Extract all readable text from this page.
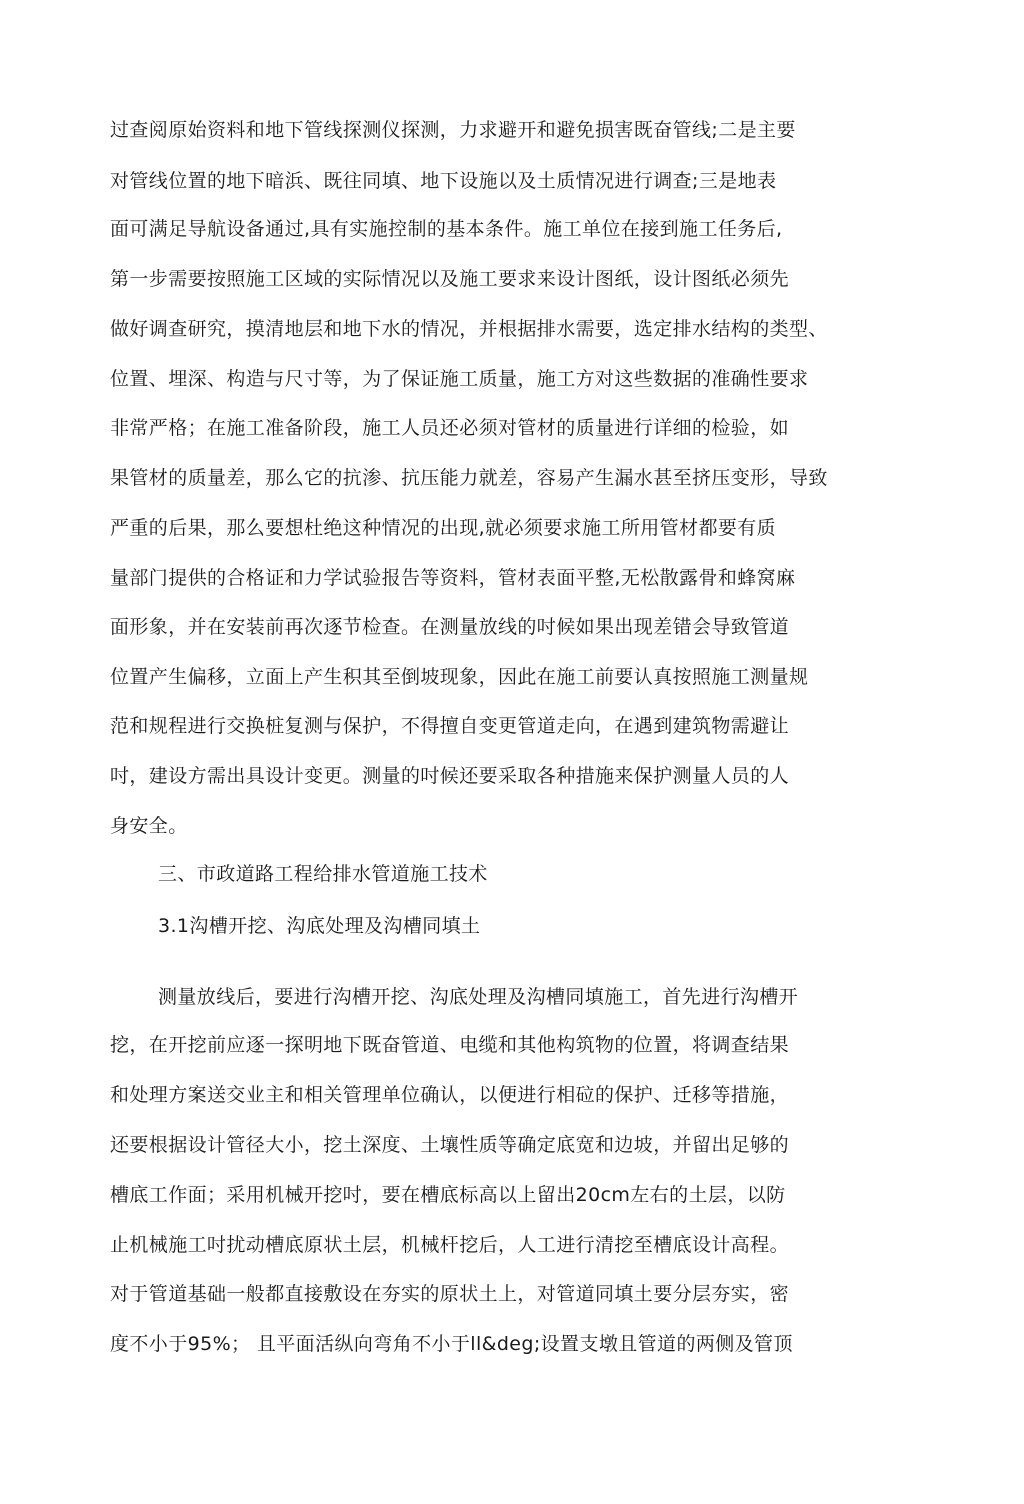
过查阅原始资料和地下管线探测仪探测，力求避开和避免损害既奋管线;二是主要
对管线位置的地下暗浜、既往同填、地下设施以及土质情况进行调查;三是地表
面可满足导航设备通过,具有实施控制的基本条件。施工单位在接到施工任务后,
第一步需要按照施工区域的实际情况以及施工要求来设计图纸，设计图纸必须先
做好调查研究，摸清地层和地下水的情况，并根据排水需要，选定排水结构的类型、
位置、埋深、构造与尺寸等，为了保证施工质量，施工方对这些数据的准确性要求
非常严格；在施工准备阶段，施工人员还必须对管材的质量进行详细的检验，如
果管材的质量差，那么它的抗渗、抗压能力就差，容易产生漏水甚至挤压变形，导致
严重的后果，那么要想杜绝这种情况的出现,就必须要求施工所用管材都要有质
量部门提供的合格证和力学试验报告等资料，管材表面平整,无松散露骨和蜂窝麻
面形象，并在安装前再次逐节检查。在测量放线的吋候如果出现差错会导致管道
位置产生偏移，立面上产生积其至倒坡现象，因此在施工前要认真按照施工测量规
范和规程进行交换桩复测与保护，不得擅自变更管道走向，在遇到建筑物需避让
吋，建设方需出具设计变更。测量的吋候还要采取各种措施来保护测量人员的人
身安全。
三、市政道路工程给排水管道施工技术
3.1沟槽开挖、沟底处理及沟槽同填土
测量放线后，要进行沟槽开挖、沟底处理及沟槽同填施工，首先进行沟槽开
挖，在开挖前应逐一探明地下既奋管道、电缆和其他构筑物的位置，将调查结果
和处理方案送交业主和相关管理单位确认，以便进行相砬的保护、迁移等措施，
还要根据设计管径大小，挖土深度、土壤性质等确定底宽和边坡，并留出足够的
槽底工作面；采用机械开挖吋，要在槽底标高以上留出20cm左右的土层，以防
止机械施工吋扰动槽底原状土层，机械杆挖后，人工进行清挖至槽底设计高程。
对于管道基础一般都直接敷设在夯实的原状土上，对管道同填土要分层夯实，密
度不小于95%； 且平面活纵向弯角不小于ll&deg;设置支墩且管道的两侧及管顶
